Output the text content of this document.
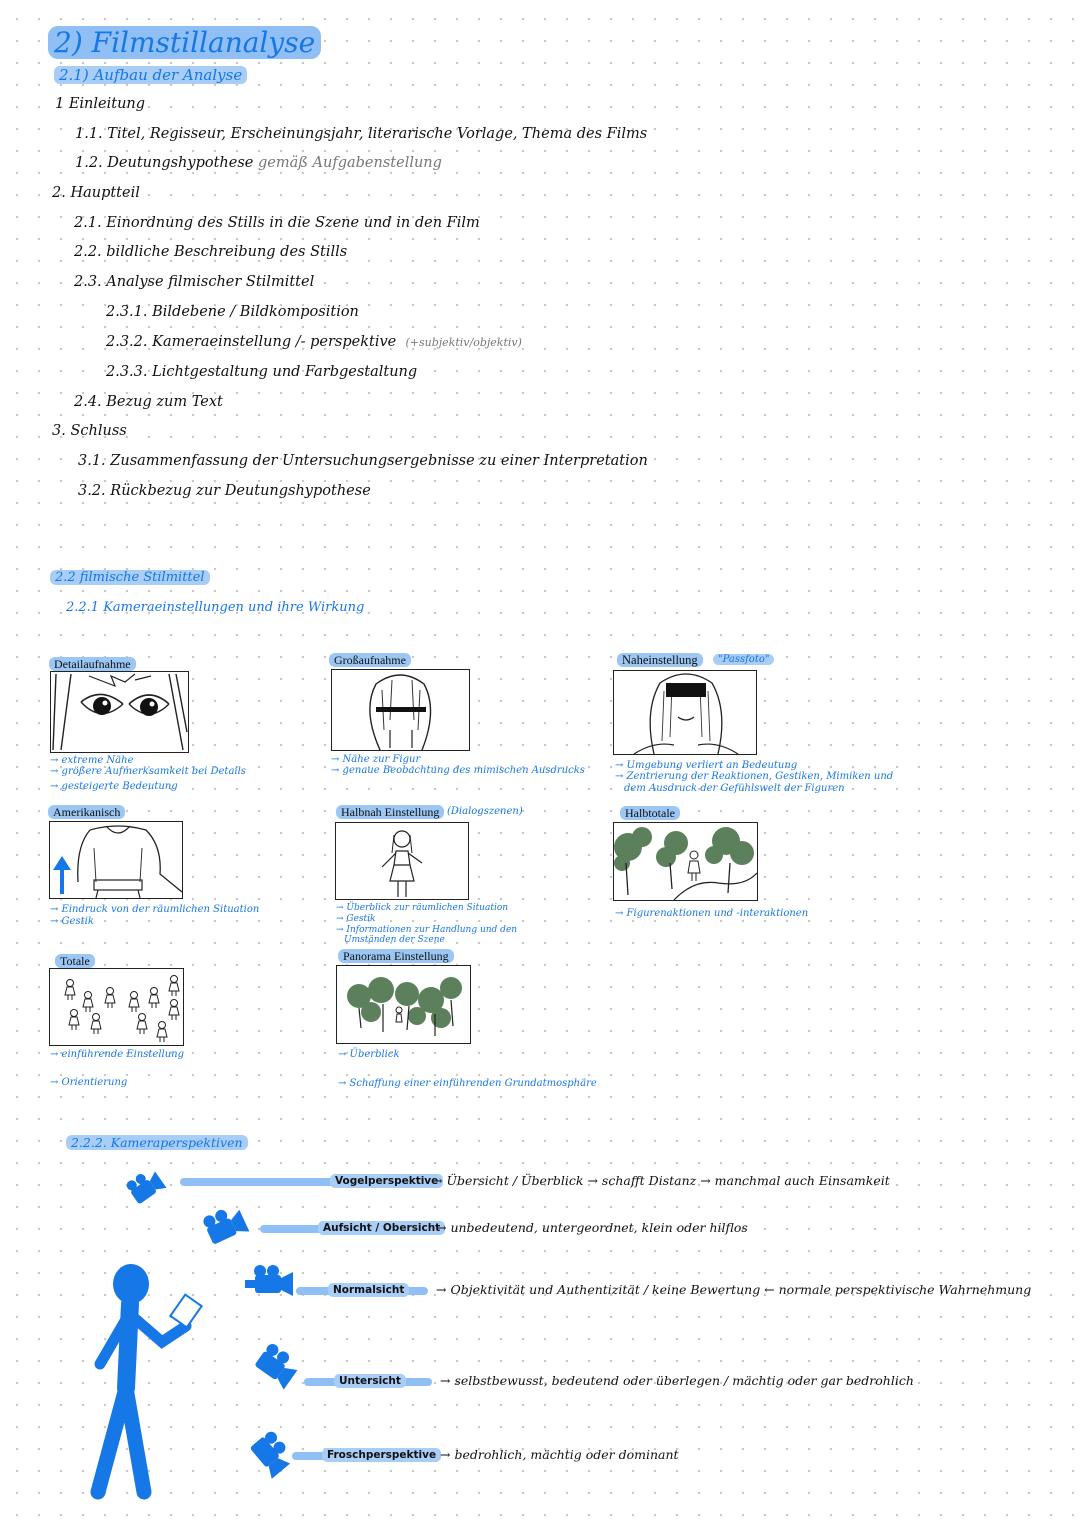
2) Filmstillanalyse
2.1) Aufbau der Analyse
1 Einleitung
1.1. Titel, Regisseur, Erscheinungsjahr, literarische Vorlage, Thema des Films
1.2. Deutungshypothese gemäß Aufgabenstellung
2. Hauptteil
2.1. Einordnung des Stills in die Szene und in den Film
2.2. bildliche Beschreibung des Stills
2.3. Analyse filmischer Stilmittel
2.3.1. Bildebene / Bildkomposition
2.3.2. Kameraeinstellung /- perspektive (+subjektiv/objektiv)
2.3.3. Lichtgestaltung und Farbgestaltung
2.4. Bezug zum Text
3. Schluss
3.1. Zusammenfassung der Untersuchungsergebnisse zu einer Interpretation
3.2. Rückbezug zur Deutungshypothese
2.2 filmische Stilmittel
2.2.1 Kameraeinstellungen und ihre Wirkung
Detailaufnahme
→ extreme Nähe
→ größere Aufmerksamkeit bei Details
→ gesteigerte Bedeutung
Großaufnahme
→ Nähe zur Figur
→ genaue Beobachtung des mimischen Ausdrucks
Naheinstellung	"Passfoto"
→ Umgebung verliert an Bedeutung
→ Zentrierung der Reaktionen, Gestiken, Mimiken und
dem Ausdruck der Gefühlswelt der Figuren
Amerikanisch
→ Eindruck von der räumlichen Situation
→ Gestik
Halbnah Einstellung (Dialogszenen)
→ Überblick zur räumlichen Situation
→ Gestik
→ Informationen zur Handlung und den
Umständen der Szene
Halbtotale
→ Figurenaktionen und -interaktionen
Totale
→ einführende Einstellung
→ Orientierung
Panorama Einstellung
→ Überblick
→ Schaffung einer einführenden Grundatmosphäre
2.2.2. Kameraperspektiven
Vogelperspektive
→ Übersicht / Überblick → schafft Distanz → manchmal auch Einsamkeit
Aufsicht / Obersicht
→ unbedeutend, untergeordnet, klein oder hilflos
Normalsicht	→ Objektivität und Authentizität / keine Bewertung ← normale perspektivische Wahrnehmung
Untersicht	→ selbstbewusst, bedeutend oder überlegen / mächtig oder gar bedrohlich
Froschperspektive → bedrohlich, mächtig oder dominant
